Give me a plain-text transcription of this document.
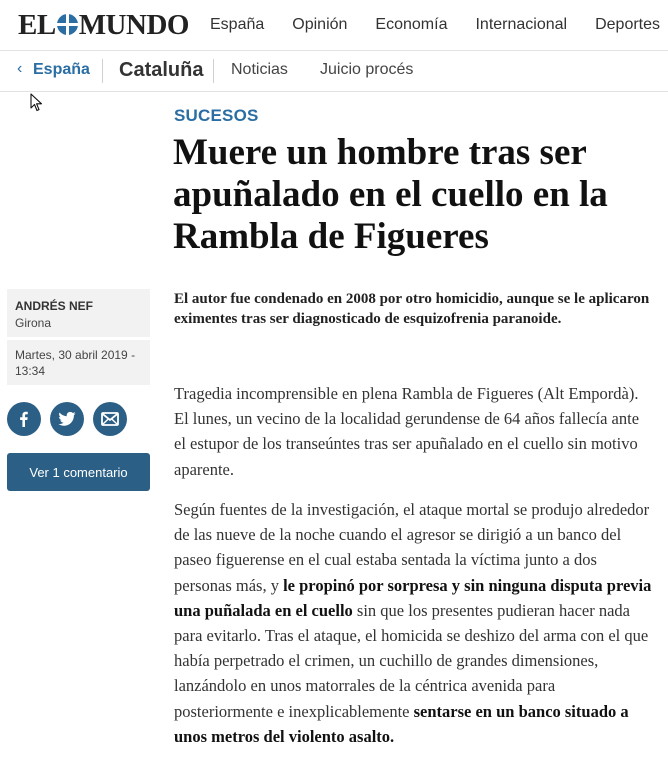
EL MUNDO España Opinión Economía Internacional Deportes
‹ España Cataluña Noticias Juicio procés
SUCESOS
Muere un hombre tras ser apuñalado en el cuello en la Rambla de Figueres

El autor fue condenado en 2008 por otro homicidio, aunque se le aplicaron eximentes tras ser diagnosticado de esquizofrenia paranoide.

Tragedia incomprensible en plena Rambla de Figueres (Alt Empordà). El lunes, un vecino de la localidad gerundense de 64 años fallecía ante el estupor de los transeúntes tras ser apuñalado en el cuello sin motivo aparente.

Según fuentes de la investigación, el ataque mortal se produjo alrededor de las nueve de la noche cuando el agresor se dirigió a un banco del paseo figuerense en el cual estaba sentada la víctima junto a dos personas más, y le propinó por sorpresa y sin ninguna disputa previa una puñalada en el cuello sin que los presentes pudieran hacer nada para evitarlo. Tras el ataque, el homicida se deshizo del arma con el que había perpetrado el crimen, un cuchillo de grandes dimensiones, lanzándolo en unos matorrales de la céntrica avenida para posteriormente e inexplicablemente sentarse en un banco situado a unos metros del violento asalto.

ANDRÉS NEF
Girona
Martes, 30 abril 2019 - 13:34
Ver 1 comentario
